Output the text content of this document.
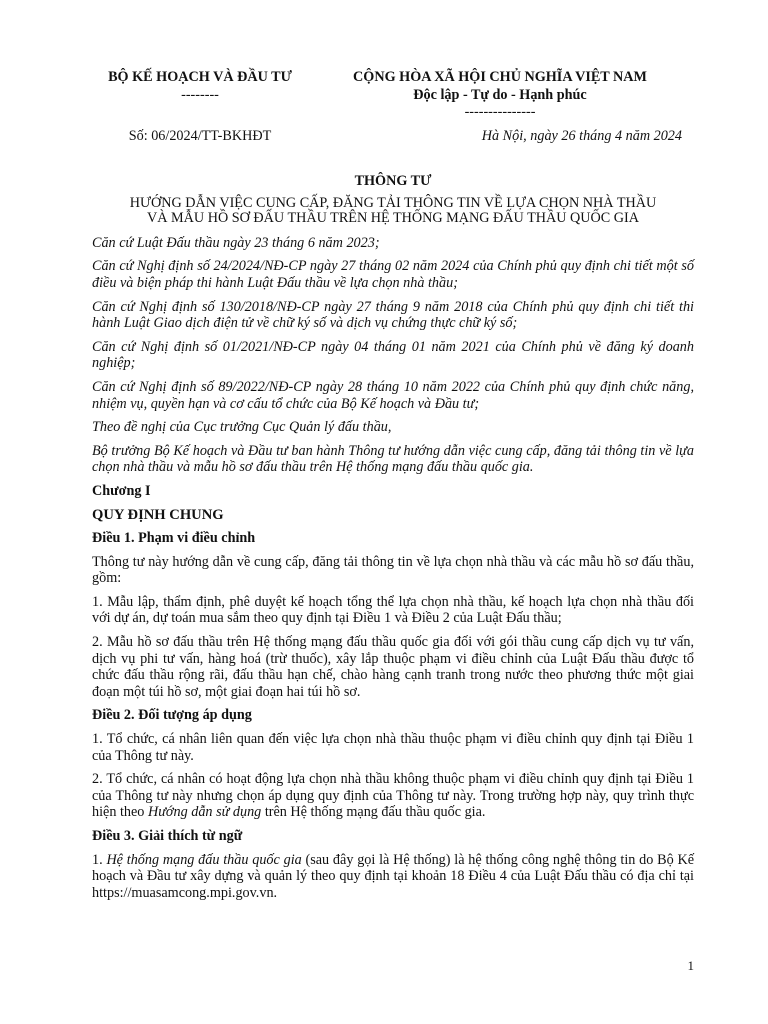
BỘ KẾ HOẠCH VÀ ĐẦU TƯ
--------
CỘNG HÒA XÃ HỘI CHỦ NGHĨA VIỆT NAM
Độc lập - Tự do - Hạnh phúc
---------------
Số: 06/2024/TT-BKHĐT	Hà Nội, ngày 26 tháng 4 năm 2024
THÔNG TƯ
HƯỚNG DẪN VIỆC CUNG CẤP, ĐĂNG TẢI THÔNG TIN VỀ LỰA CHỌN NHÀ THẦU
VÀ MẪU HỒ SƠ ĐẤU THẦU TRÊN HỆ THỐNG MẠNG ĐẤU THẦU QUỐC GIA

Căn cứ Luật Đấu thầu ngày 23 tháng 6 năm 2023;

Căn cứ Nghị định số 24/2024/NĐ-CP ngày 27 tháng 02 năm 2024 của Chính phủ quy định chi tiết một số điều và biện pháp thi hành Luật Đấu thầu về lựa chọn nhà thầu;

Căn cứ Nghị định số 130/2018/NĐ-CP ngày 27 tháng 9 năm 2018 của Chính phủ quy định chi tiết thi hành Luật Giao dịch điện tử về chữ ký số và dịch vụ chứng thực chữ ký số;

Căn cứ Nghị định số 01/2021/NĐ-CP ngày 04 tháng 01 năm 2021 của Chính phủ về đăng ký doanh nghiệp;

Căn cứ Nghị định số 89/2022/NĐ-CP ngày 28 tháng 10 năm 2022 của Chính phủ quy định chức năng, nhiệm vụ, quyền hạn và cơ cấu tổ chức của Bộ Kế hoạch và Đầu tư;

Theo đề nghị của Cục trưởng Cục Quản lý đấu thầu,

Bộ trưởng Bộ Kế hoạch và Đầu tư ban hành Thông tư hướng dẫn việc cung cấp, đăng tải thông tin về lựa chọn nhà thầu và mẫu hồ sơ đấu thầu trên Hệ thống mạng đấu thầu quốc gia.

Chương I

QUY ĐỊNH CHUNG

Điều 1. Phạm vi điều chỉnh

Thông tư này hướng dẫn về cung cấp, đăng tải thông tin về lựa chọn nhà thầu và các mẫu hồ sơ đấu thầu, gồm:

1. Mẫu lập, thẩm định, phê duyệt kế hoạch tổng thể lựa chọn nhà thầu, kế hoạch lựa chọn nhà thầu đối với dự án, dự toán mua sắm theo quy định tại Điều 1 và Điều 2 của Luật Đấu thầu;

2. Mẫu hồ sơ đấu thầu trên Hệ thống mạng đấu thầu quốc gia đối với gói thầu cung cấp dịch vụ tư vấn, dịch vụ phi tư vấn, hàng hoá (trừ thuốc), xây lắp thuộc phạm vi điều chỉnh của Luật Đấu thầu được tổ chức đấu thầu rộng rãi, đấu thầu hạn chế, chào hàng cạnh tranh trong nước theo phương thức một giai đoạn một túi hồ sơ, một giai đoạn hai túi hồ sơ.

Điều 2. Đối tượng áp dụng

1. Tổ chức, cá nhân liên quan đến việc lựa chọn nhà thầu thuộc phạm vi điều chỉnh quy định tại Điều 1 của Thông tư này.

2. Tổ chức, cá nhân có hoạt động lựa chọn nhà thầu không thuộc phạm vi điều chỉnh quy định tại Điều 1 của Thông tư này nhưng chọn áp dụng quy định của Thông tư này. Trong trường hợp này, quy trình thực hiện theo Hướng dẫn sử dụng trên Hệ thống mạng đấu thầu quốc gia.

Điều 3. Giải thích từ ngữ

1. Hệ thống mạng đấu thầu quốc gia (sau đây gọi là Hệ thống) là hệ thống công nghệ thông tin do Bộ Kế hoạch và Đầu tư xây dựng và quản lý theo quy định tại khoản 18 Điều 4 của Luật Đấu thầu có địa chỉ tại https://muasamcong.mpi.gov.vn.

1
